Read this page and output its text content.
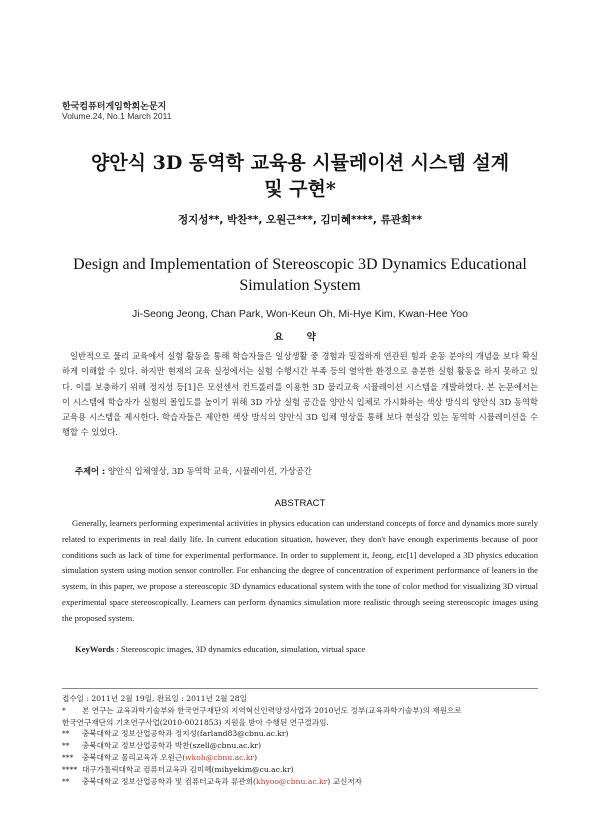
한국컴퓨터게임학회논문지
Volume.24, No.1 March 2011
양안식 3D 동역학 교육용 시뮬레이션 시스템 설계
및 구현*
정지성**, 박찬**, 오원근***, 김미혜****, 류관희**
Design and Implementation of Stereoscopic 3D Dynamics Educational
Simulation System
Ji-Seong Jeong, Chan Park, Won-Keun Oh, Mi-Hye Kim, Kwan-Hee Yoo
요 약
일반적으로 물리 교육에서 실험 활동을 통해 학습자들은 일상생활 중 경험과 밀접하게 연관된 힘과 운동 분야의 개념을 보다 확실하게 이해할 수 있다. 하지만 현재의 교육 실정에서는 실험 수행시간 부족 등의 열악한 환경으로 충분한 실험 활동을 하지 못하고 있다. 이를 보충하기 위해 정지성 등[1]은 모션센서 컨트롤러를 이용한 3D 물리교육 시뮬레이션 시스템을 개발하였다. 본 논문에서는 이 시스템에 학습자가 실험의 몰입도를 높이기 위해 3D 가상 실험 공간을 양안식 입체로 가시화하는 색상 방식의 양안식 3D 동역학 교육용 시스템을 제시한다. 학습자들은 제안한 색상 방식의 양안식 3D 입체 영상을 통해 보다 현실감 있는 동역학 시뮬레이션을 수행할 수 있었다.
주제어 : 양안식 입체영상, 3D 동역학 교육, 시뮬레이션, 가상공간
ABSTRACT
Generally, learners performing experimental activities in physics education can understand concepts of force and dynamics more surely related to experiments in real daily life. In current education situation, however, they don't have enough experiments because of poor conditions such as lack of time for experimental performance. In order to supplement it, Jeong, etc[1] developed a 3D physics education simulation system using motion sensor controller. For enhancing the degree of concentration of experiment performance of leaners in the system, in this paper, we propose a stereoscopic 3D dynamics educational system with the tone of color method for visualizing 3D virtual experimental space stereoscopically. Learners can perform dynamics simulation more realistic through seeing stereoscopic images using the proposed system.
KeyWords : Stereoscopic images, 3D dynamics education, simulation, virtual space
접수일 : 2011년 2월 19일, 완료일 : 2011년 2월 28일
* 본 연구는 교육과학기술부와 한국연구재단의 지역혁신인력양성사업과 2010년도 정부(교육과학기술부)의 재원으로
한국연구재단의 기초연구사업(2010-0021853) 지원을 받아 수행된 연구결과임.
** 충북대학교 정보산업공학과 정지성(farland83@cbnu.ac.kr)
** 충북대학교 정보산업공학과 박찬(szell@cbnu.ac.kr)
*** 충북대학교 물리교육과 오원근(wkoh@cbnu.ac.kr)
**** 대구가톨릭대학교 컴퓨터교육과 김미혜(mihyekim@cu.ac.kr)
** 충북대학교 정보산업공학과 및 컴퓨터교육과 류관희(khyoo@cbnu.ac.kr) 교신저자
